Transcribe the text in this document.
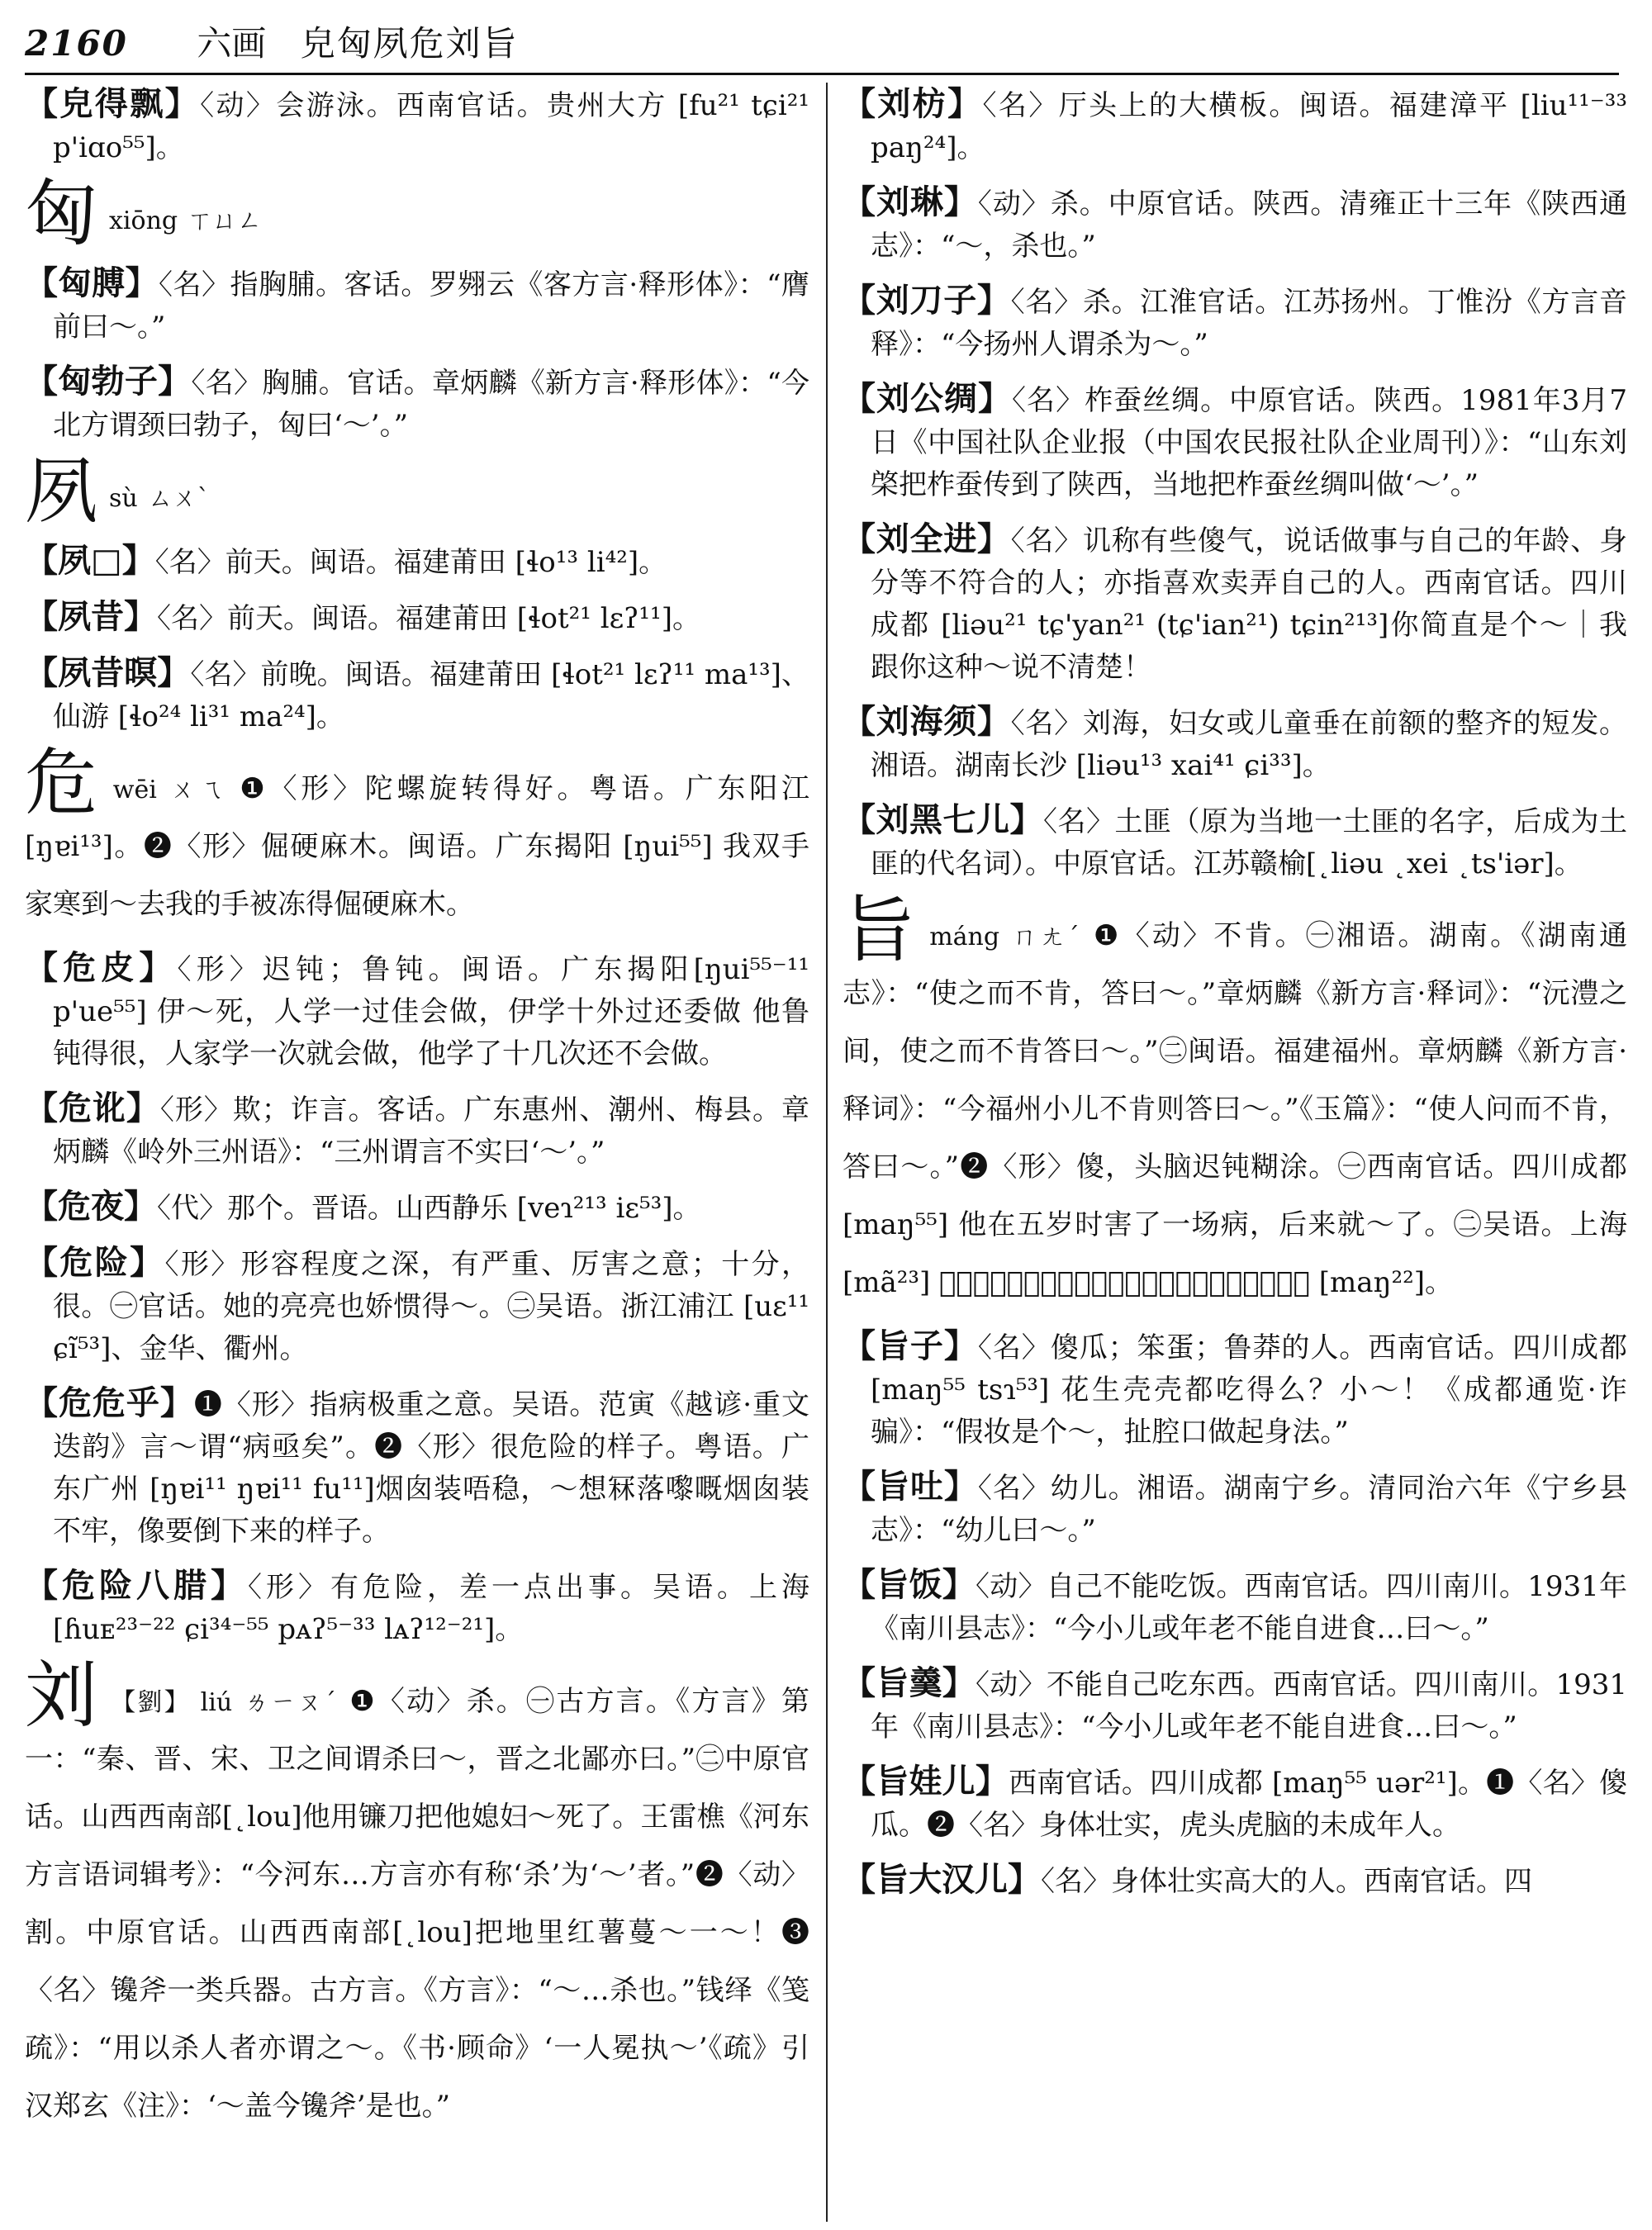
2160 六画 皃匈夙危刘旨
【皃得飘】〈动〉会游泳。西南官话。贵州大方 [fu²¹ tɕi²¹ p'iɑo⁵⁵]。
匈xiōng ㄒㄩㄥ
【匈膊】〈名〉指胸脯。客话。罗翙云《客方言·释形体》：“膺前曰～。”
【匈勃子】〈名〉胸脯。官话。章炳麟《新方言·释形体》：“今北方谓颈曰勃子，匈曰‘～’。”
夙sù ㄙㄨˋ
【夙□】〈名〉前天。闽语。福建莆田 [ɬo¹³ li⁴²]。
【夙昔】〈名〉前天。闽语。福建莆田 [ɬot²¹ lɛʔ¹¹]。
【夙昔暝】〈名〉前晚。闽语。福建莆田 [ɬot²¹ lɛʔ¹¹ ma¹³]、仙游 [ɬo²⁴ li³¹ ma²⁴]。
危wēi ㄨㄟ ❶〈形〉陀螺旋转得好。粤语。广东阳江 [ŋɐi¹³]。❷〈形〉倔硬麻木。闽语。广东揭阳 [ŋui⁵⁵] 我双手家寒到～去我的手被冻得倔硬麻木。
【危皮】〈形〉迟钝；鲁钝。闽语。广东揭阳[ŋui⁵⁵⁻¹¹ p'ue⁵⁵] 伊～死，人学一过佳会做，伊学十外过还委做 他鲁钝得很，人家学一次就会做，他学了十几次还不会做。
【危讹】〈形〉欺；诈言。客话。广东惠州、潮州、梅县。章炳麟《岭外三州语》：“三州谓言不实曰‘～’。”
【危夜】〈代〉那个。晋语。山西静乐 [veɿ²¹³ iɛ⁵³]。
【危险】〈形〉形容程度之深，有严重、厉害之意；十分，很。㊀官话。她的亮亮也娇惯得～。㊁吴语。浙江浦江 [uɛ¹¹ ɕĩ⁵³]、金华、衢州。
【危危乎】❶〈形〉指病极重之意。吴语。范寅《越谚·重文迭韵》言～谓“病亟矣”。❷〈形〉很危险的样子。粤语。广东广州 [ŋɐi¹¹ ŋɐi¹¹ fu¹¹]烟囱装唔稳，～想冧落嚟嘅烟囱装不牢，像要倒下来的样子。
【危险八腊】〈形〉有危险，差一点出事。吴语。上海 [ɦuᴇ²³⁻²² ɕi³⁴⁻⁵⁵ pᴀʔ⁵⁻³³ lᴀʔ¹²⁻²¹]。
刘 【劉】 liú ㄌㄧㄡˊ ❶〈动〉杀。㊀古方言。《方言》第一：“秦、晋、宋、卫之间谓杀曰～，晋之北鄙亦曰。”㊁中原官话。山西西南部[˛lou]他用镰刀把他媳妇～死了。王雷樵《河东方言语词辑考》：“今河东…方言亦有称‘杀’为‘～’者。”❷〈动〉割。中原官话。山西西南部[˛lou]把地里红薯蔓～一～！❸〈名〉镵斧一类兵器。古方言。《方言》：“～…杀也。”钱绎《笺疏》：“用以杀人者亦谓之～。《书·顾命》‘一人冕执～’《疏》引汉郑玄《注》：‘～盖今镵斧’是也。”
【刘枋】〈名〉厅头上的大横板。闽语。福建漳平 [liu¹¹⁻³³ paŋ²⁴]。
【刘琳】〈动〉杀。中原官话。陕西。清雍正十三年《陕西通志》：“～，杀也。”
【刘刀子】〈名〉杀。江淮官话。江苏扬州。丁惟汾《方言音释》：“今扬州人谓杀为～。”
【刘公绸】〈名〉柞蚕丝绸。中原官话。陕西。1981年3月7日《中国社队企业报（中国农民报社队企业周刊）》：“山东刘棨把柞蚕传到了陕西，当地把柞蚕丝绸叫做‘～’。”
【刘全进】〈名〉讥称有些傻气，说话做事与自己的年龄、身分等不符合的人；亦指喜欢卖弄自己的人。西南官话。四川成都 [liəu²¹ tɕ'yan²¹ (tɕ'ian²¹) tɕin²¹³]你简直是个～｜我跟你这种～说不清楚！
【刘海须】〈名〉刘海，妇女或儿童垂在前额的整齐的短发。湘语。湖南长沙 [liəu¹³ xai⁴¹ ɕi³³]。
【刘黑七儿】〈名〉土匪（原为当地一土匪的名字，后成为土匪的代名词）。中原官话。江苏赣榆[˛liəu ˛xei ˛ts'iər]。
旨máng ㄇㄤˊ ❶〈动〉不肯。㊀湘语。湖南。《湖南通志》：“使之而不肯，答曰～。”章炳麟《新方言·释词》：“沅澧之间，使之而不肯答曰～。”㊁闽语。福建福州。章炳麟《新方言·释词》：“今福州小儿不肯则答曰～。”《玉篇》：“使人问而不肯，答曰～。”❷〈形〉傻，头脑迟钝糊涂。㊀西南官话。四川成都 [maŋ⁵⁵] 他在五岁时害了一场病，后来就～了。㊁吴语。上海 [mã²³] 𠍍个人失头～脑。❸〈副〉未曾。粤语。广东广州 [maŋ²²]。
【旨子】〈名〉傻瓜；笨蛋；鲁莽的人。西南官话。四川成都 [maŋ⁵⁵ tsɿ⁵³] 花生壳壳都吃得么？小～！《成都通览·诈骗》：“假妆是个～，扯腔口做起身法。”
【旨吐】〈名〉幼儿。湘语。湖南宁乡。清同治六年《宁乡县志》：“幼儿曰～。”
【旨饭】〈动〉自己不能吃饭。西南官话。四川南川。1931年《南川县志》：“今小儿或年老不能自进食…曰～。”
【旨羹】〈动〉不能自己吃东西。西南官话。四川南川。1931年《南川县志》：“今小儿或年老不能自进食…曰～。”
【旨娃儿】西南官话。四川成都 [maŋ⁵⁵ uər²¹]。❶〈名〉傻瓜。❷〈名〉身体壮实，虎头虎脑的未成年人。
【旨大汉儿】〈名〉身体壮实高大的人。西南官话。四
